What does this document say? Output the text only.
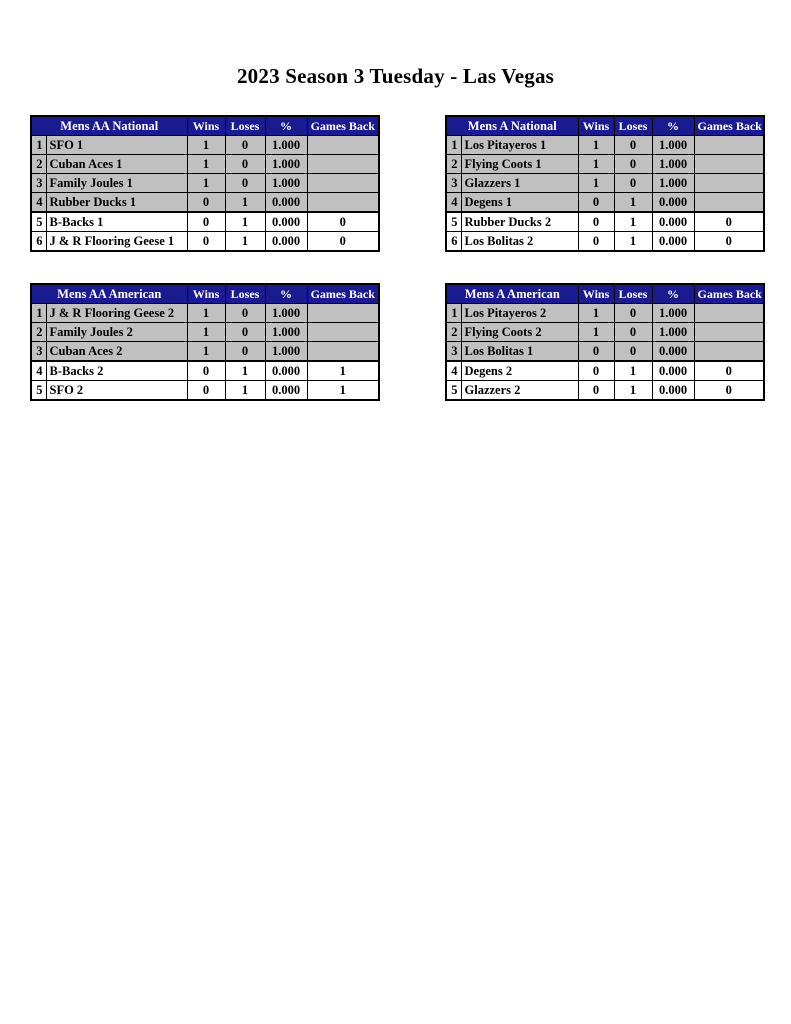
2023 Season 3 Tuesday - Las Vegas
Mens AA National		Wins	Loses	%	Games Back
1	SFO 1	1	0	1.000	
2	Cuban Aces 1	1	0	1.000	
3	Family Joules 1	1	0	1.000	
4	Rubber Ducks 1	0	1	0.000	
5	B-Backs 1	0	1	0.000	0
6	J & R Flooring Geese 1	0	1	0.000	0
Mens A National		Wins	Loses	%	Games Back
1	Los Pitayeros 1	1	0	1.000	
2	Flying Coots 1	1	0	1.000	
3	Glazzers 1	1	0	1.000	
4	Degens 1	0	1	0.000	
5	Rubber Ducks 2	0	1	0.000	0
6	Los Bolitas 2	0	1	0.000	0
Mens AA American		Wins	Loses	%	Games Back
1	J & R Flooring Geese 2	1	0	1.000	
2	Family Joules 2	1	0	1.000	
3	Cuban Aces 2	1	0	1.000	
4	B-Backs 2	0	1	0.000	1
5	SFO 2	0	1	0.000	1
Mens A American		Wins	Loses	%	Games Back
1	Los Pitayeros 2	1	0	1.000	
2	Flying Coots 2	1	0	1.000	
3	Los Bolitas 1	0	0	0.000	
4	Degens 2	0	1	0.000	0
5	Glazzers 2	0	1	0.000	0
